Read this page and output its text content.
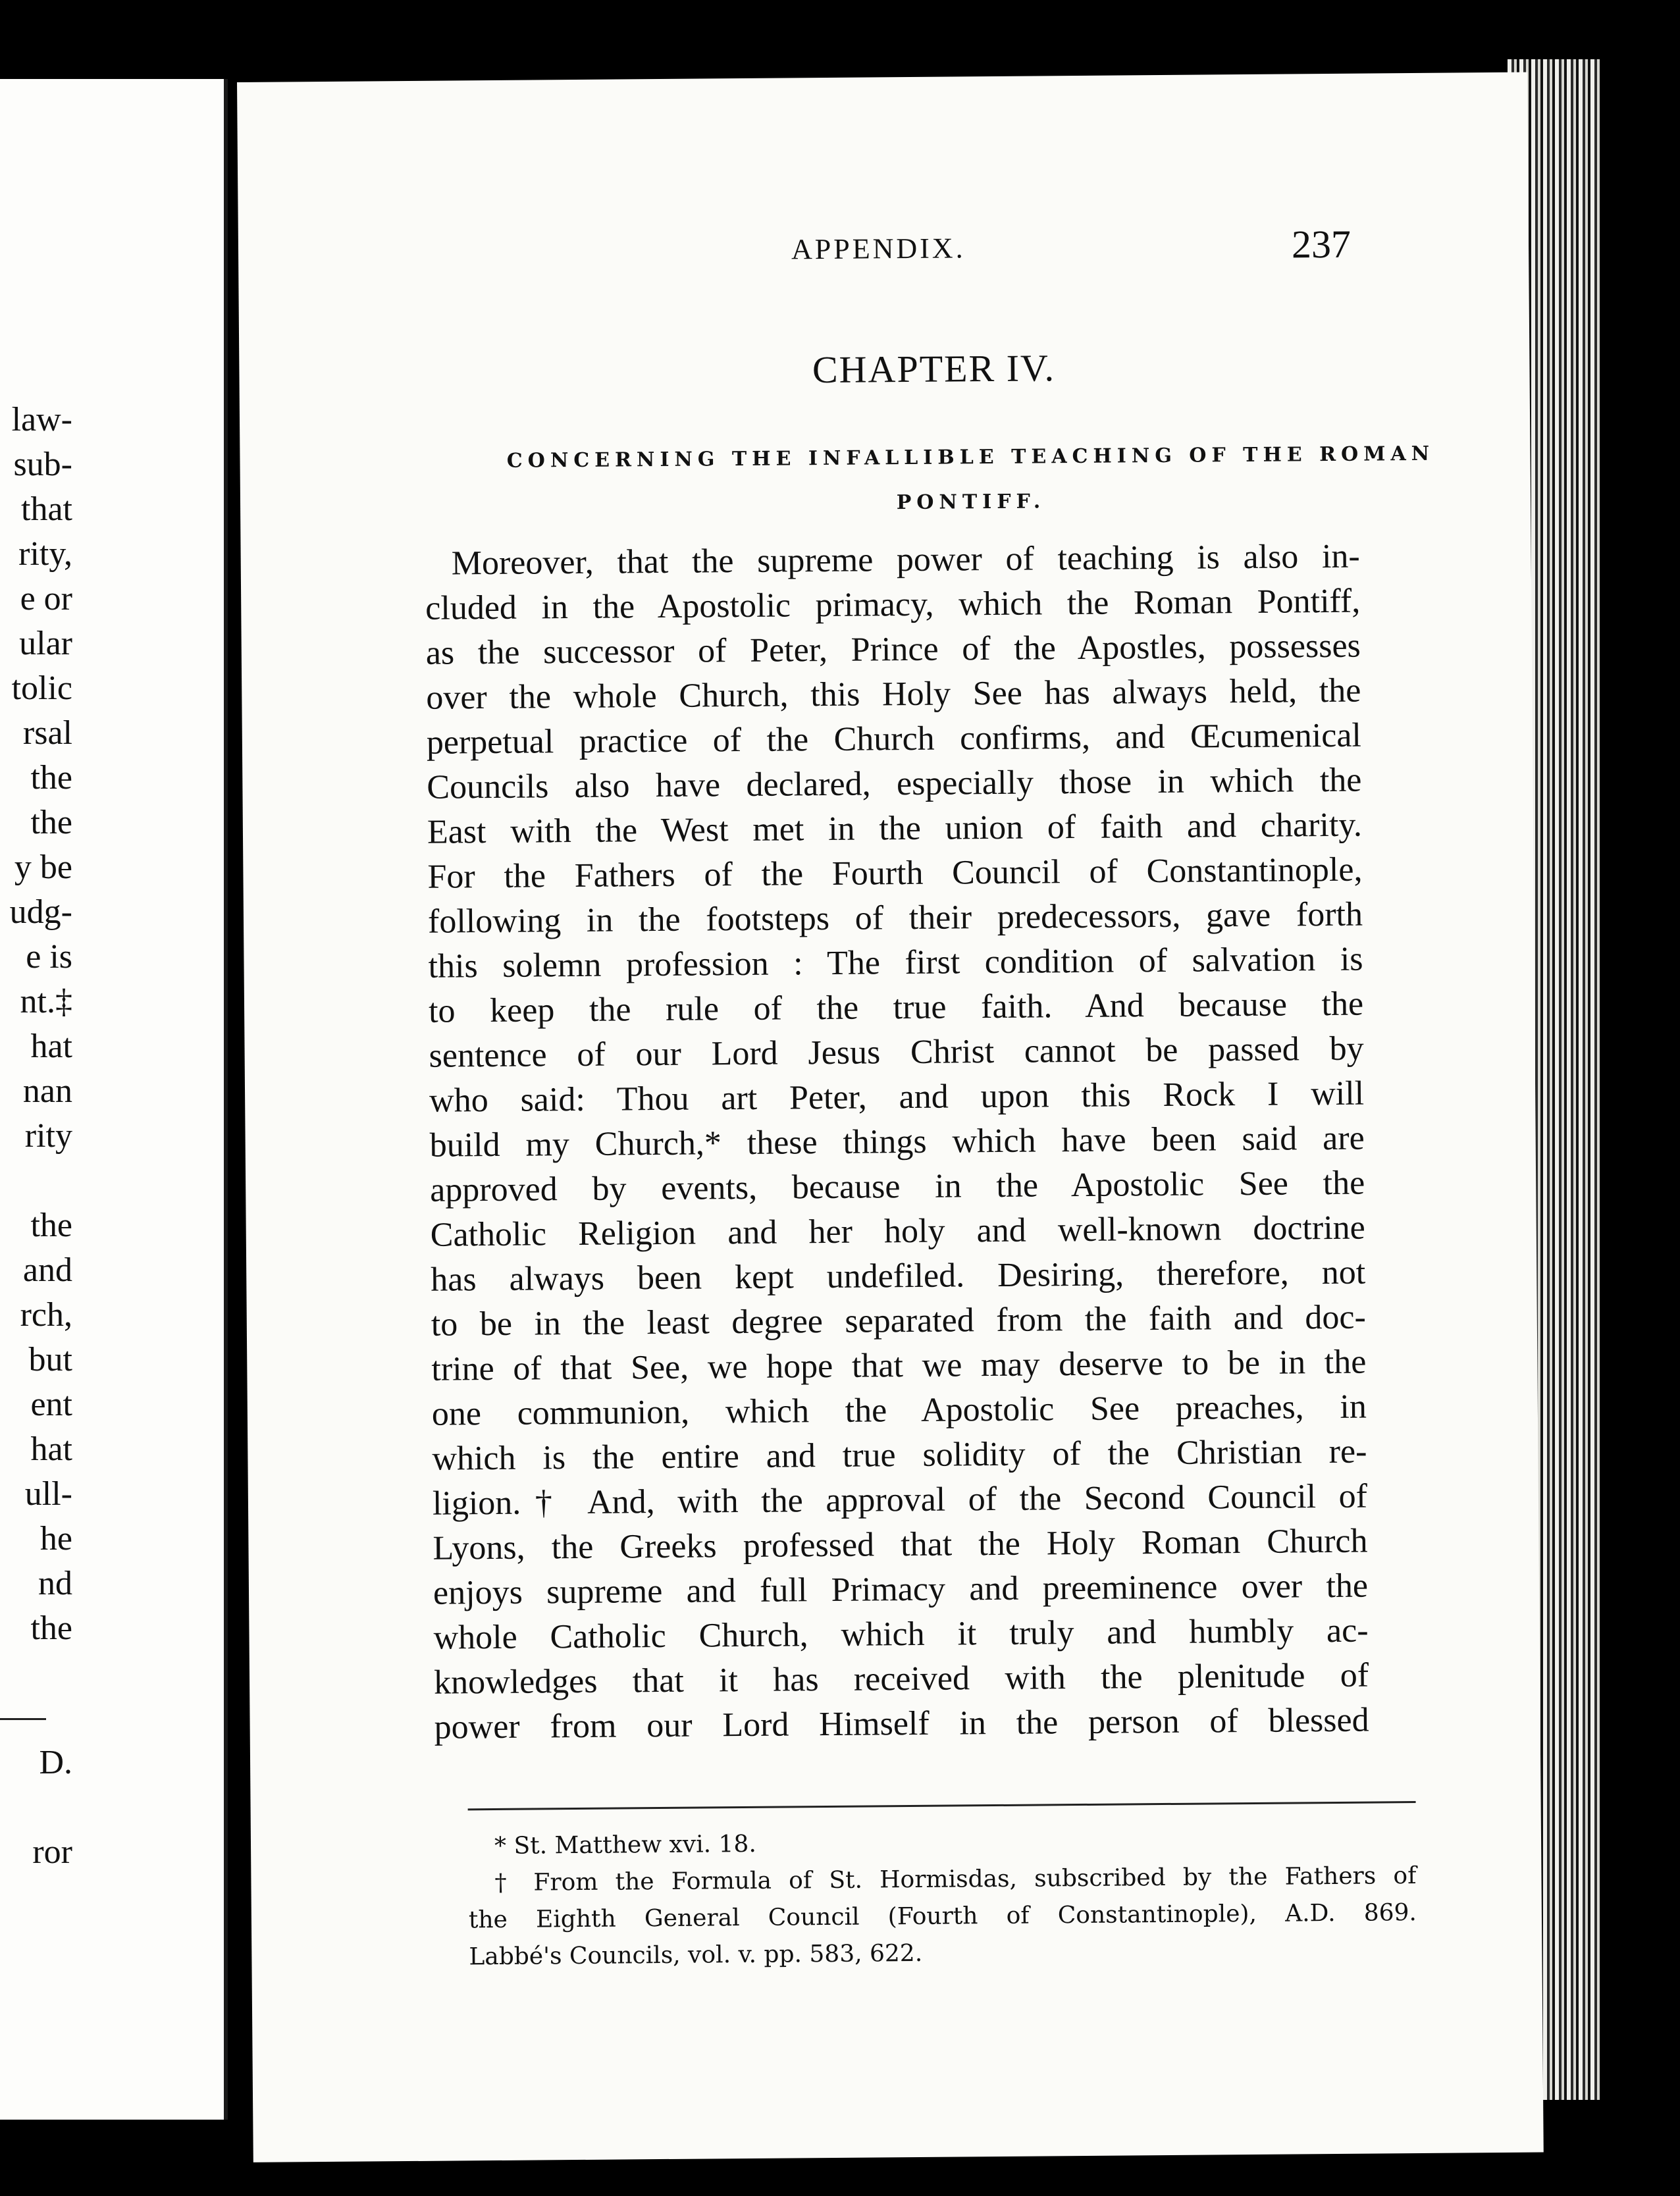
law-
sub-
that
rity,
e or
ular
tolic
rsal
the
the
y be
udg-
e is
nt.‡
hat
nan
rity
the
and
rch,
but
ent
hat
ull-
he
nd
the
D.
ror
APPENDIX.	237
CHAPTER IV.
CONCERNING THE INFALLIBLE TEACHING OF THE ROMAN
PONTIFF.
Moreover, that the supreme power of teaching is also in-
cluded in the Apostolic primacy, which the Roman Pontiff,
as the successor of Peter, Prince of the Apostles, possesses
over the whole Church, this Holy See has always held, the
perpetual practice of the Church confirms, and Œcumenical
Councils also have declared, especially those in which the
East with the West met in the union of faith and charity.
For the Fathers of the Fourth Council of Constantinople,
following in the footsteps of their predecessors, gave forth
this solemn profession : The first condition of salvation is
to keep the rule of the true faith. And because the
sentence of our Lord Jesus Christ cannot be passed by
who said: Thou art Peter, and upon this Rock I will
build my Church,* these things which have been said are
approved by events, because in the Apostolic See the
Catholic Religion and her holy and well-known doctrine
has always been kept undefiled. Desiring, therefore, not
to be in the least degree separated from the faith and doc-
trine of that See, we hope that we may deserve to be in the
one communion, which the Apostolic See preaches, in
which is the entire and true solidity of the Christian re-
ligion.† And, with the approval of the Second Council of
Lyons, the Greeks professed that the Holy Roman Church
enjoys supreme and full Primacy and preeminence over the
whole Catholic Church, which it truly and humbly ac-
knowledges that it has received with the plenitude of
power from our Lord Himself in the person of blessed
* St. Matthew xvi. 18.
† From the Formula of St. Hormisdas, subscribed by the Fathers of
the Eighth General Council (Fourth of Constantinople), A.D. 869.
Labbé's Councils, vol. v. pp. 583, 622.
